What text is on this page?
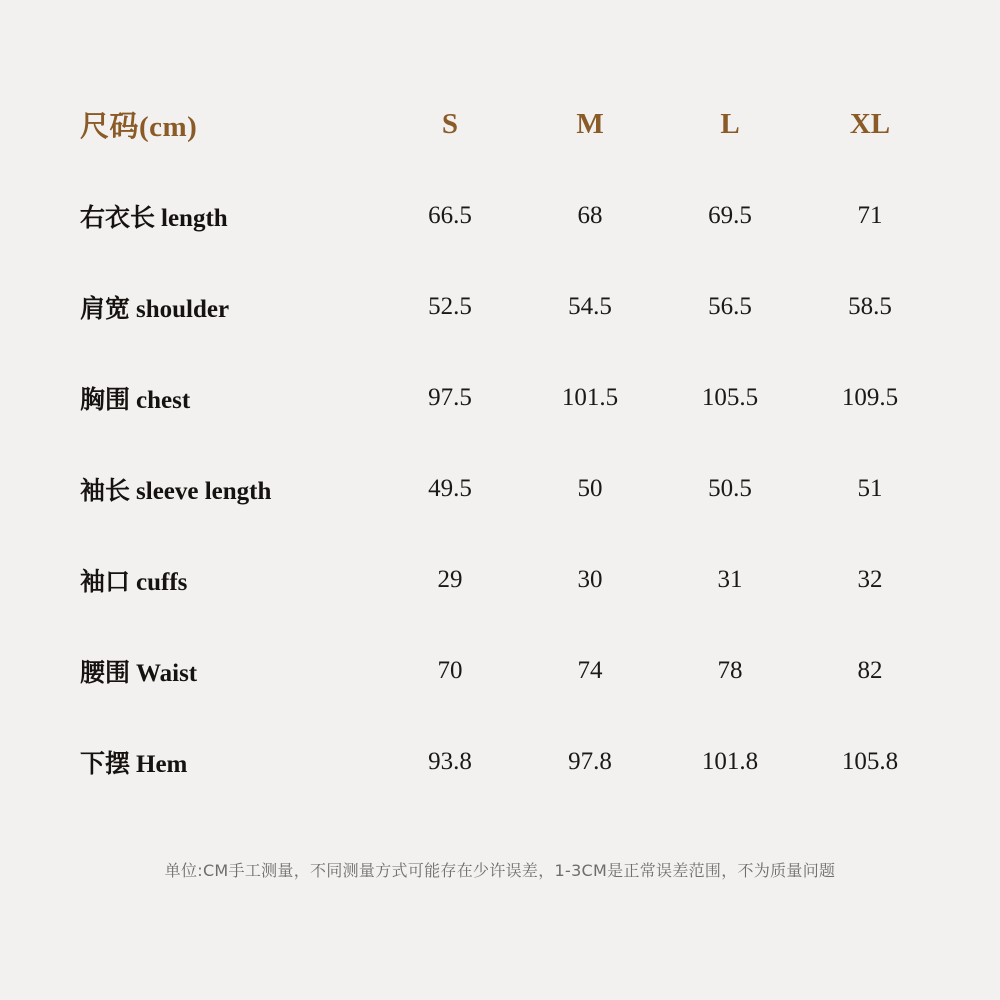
尺码(cm)	S	M	L	XL
右衣长 length	66.5	68	69.5	71
肩宽 shoulder	52.5	54.5	56.5	58.5
胸围 chest	97.5	101.5	105.5	109.5
袖长 sleeve length	49.5	50	50.5	51
袖口 cuffs	29	30	31	32
腰围 Waist	70	74	78	82
下摆 Hem	93.8	97.8	101.8	105.8
单位:CM手工测量，不同测量方式可能存在少许误差，1-3CM是正常误差范围，不为质量问题
